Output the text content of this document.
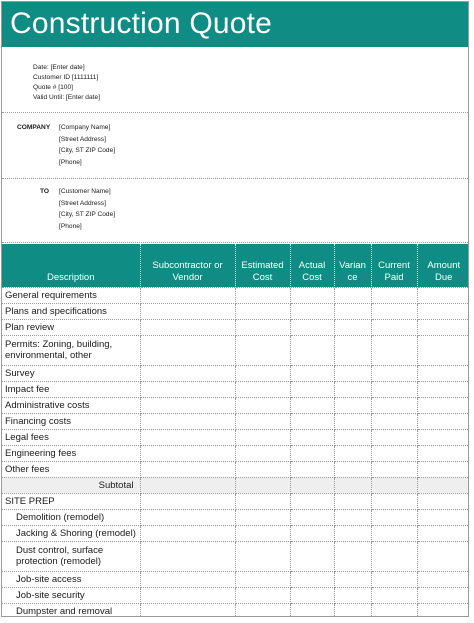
Construction Quote
Date: [Enter date]
Customer ID [1111111]
Quote # [100]
Valid Until: [Enter date]
COMPANY [Company Name]
[Street Address]
[City, ST ZIP Code]
[Phone]
TO [Customer Name]
[Street Address]
[City, ST ZIP Code]
[Phone]
Description	Subcontractor or Vendor	Estimated Cost	Actual Cost	Varian ce	Current Paid	Amount Due
General requirements						
Plans and specifications						
Plan review						
Permits: Zoning, building, environmental, other						
Survey						
Impact fee						
Administrative costs						
Financing costs						
Legal fees						
Engineering fees						
Other fees						
Subtotal						
SITE PREP						
Demolition (remodel)						
Jacking & Shoring (remodel)						
Dust control, surface protection (remodel)						
Job-site access						
Job-site security						
Dumpster and removal						
